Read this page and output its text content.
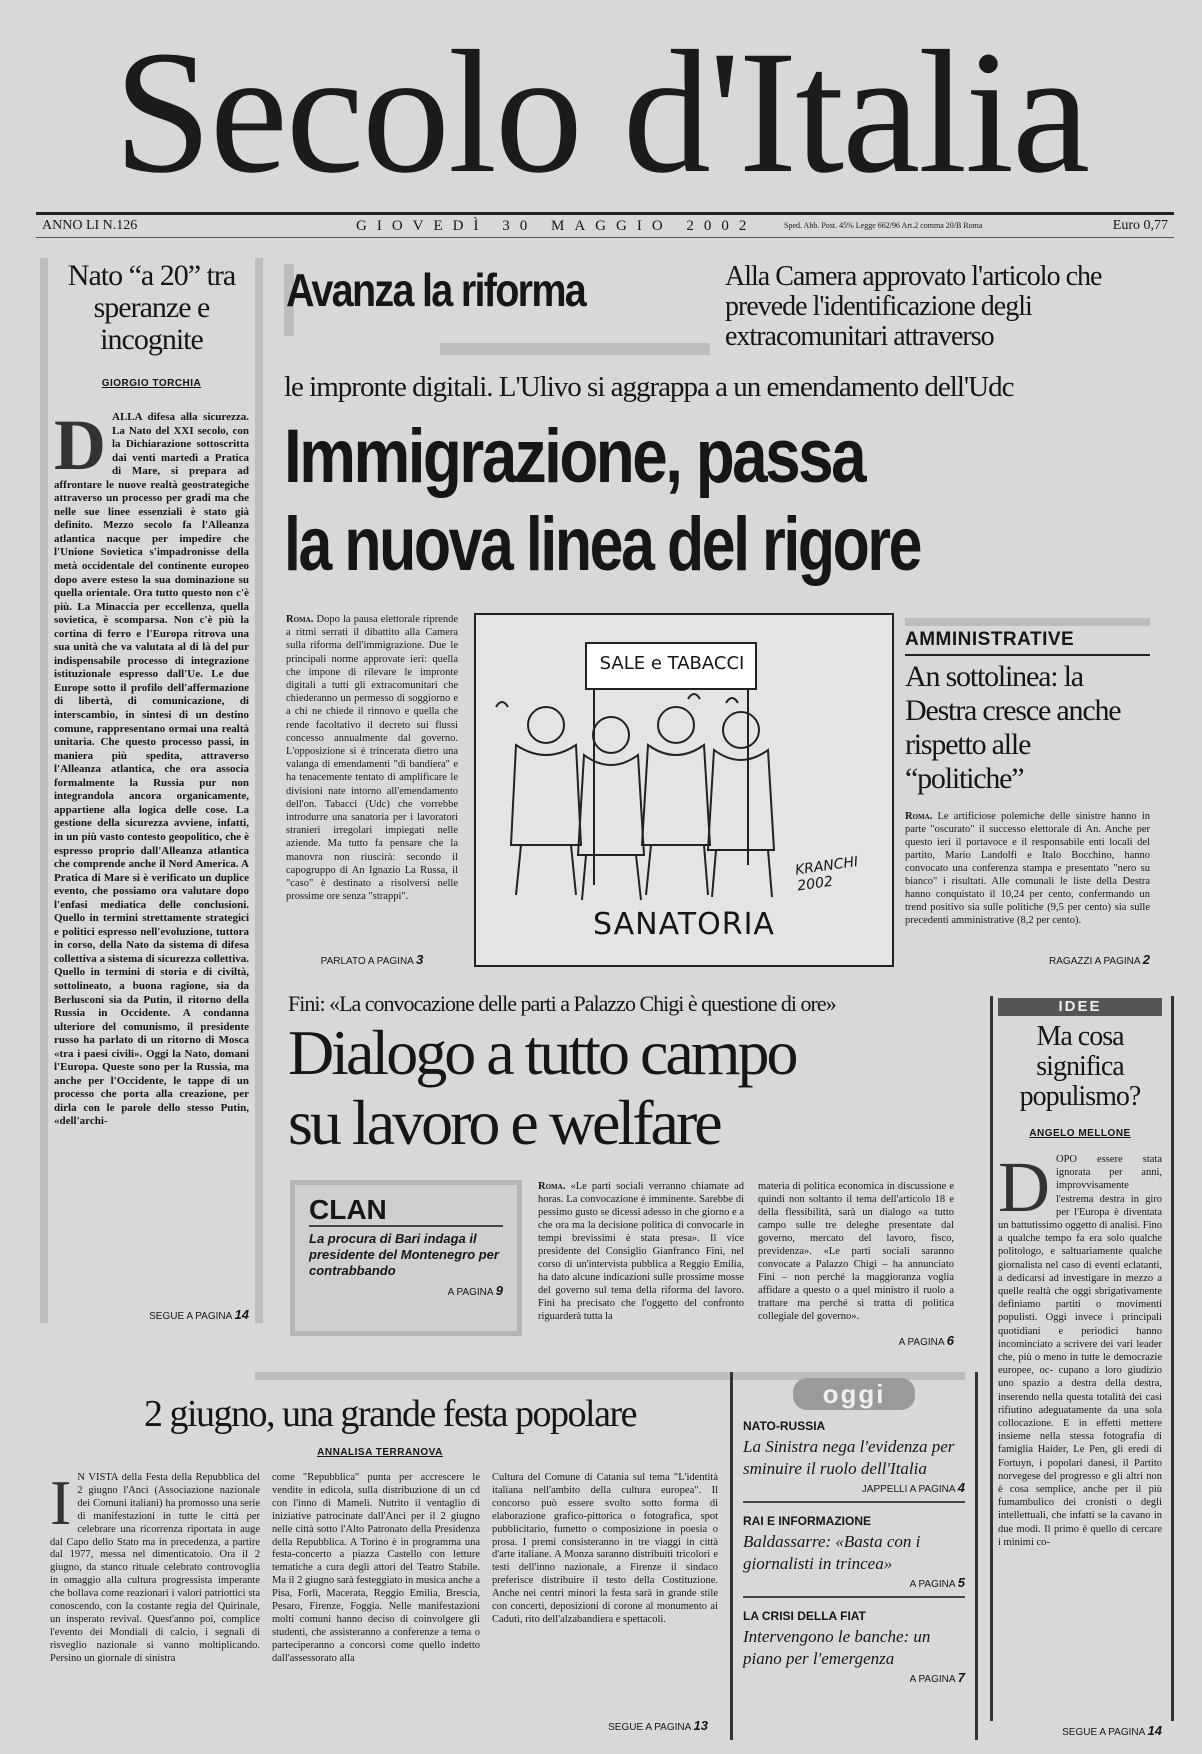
Secolo d'Italia
ANNO LI N.126	GIOVEDÌ 30 MAGGIO 2002	Sped. Abb. Post. 45% Legge 662/96 Art.2 comma 20/B Roma	Euro 0,77
Nato “a 20” tra speranze e incognite
GIORGIO TORCHIA
DALLA difesa alla sicurezza. La Nato del XXI secolo, con la Dichiarazione sottoscritta dai venti martedì a Pratica di Mare, si prepara ad affrontare le nuove realtà geostrategiche attraverso un processo per gradi ma che nelle sue linee essenziali è stato già definito. Mezzo secolo fa l'Alleanza atlantica nacque per impedire che l'Unione Sovietica s'impadronisse della metà occidentale del continente europeo dopo avere esteso la sua dominazione su quella orientale. Ora tutto questo non c'è più. La Minaccia per eccellenza, quella sovietica, è scomparsa. Non c'è più la cortina di ferro e l'Europa ritrova una sua unità che va valutata al di là del pur indispensabile processo di integrazione istituzionale espresso dall'Ue. Le due Europe sotto il profilo dell'affermazione di libertà, di comunicazione, di interscambio, in sintesi di un destino comune, rappresentano ormai una realtà unitaria. Che questo processo passi, in maniera più spedita, attraverso l'Alleanza atlantica, che ora associa formalmente la Russia pur non integrandola ancora organicamente, appartiene alla logica delle cose. La gestione della sicurezza avviene, infatti, in un più vasto contesto geopolitico, che è espresso proprio dall'Alleanza atlantica che comprende anche il Nord America. A Pratica di Mare si è verificato un duplice evento, che possiamo ora valutare dopo l'enfasi mediatica delle conclusioni. Quello in termini strettamente strategici e politici espresso nell'evoluzione, tuttora in corso, della Nato da sistema di difesa collettiva a sistema di sicurezza collettiva. Quello in termini di storia e di civiltà, sottolineato, a buona ragione, sia da Berlusconi sia da Putin, il ritorno della Russia in Occidente. A condanna ulteriore del comunismo, il presidente russo ha parlato di un ritorno di Mosca «tra i paesi civili». Oggi la Nato, domani l'Europa. Queste sono per la Russia, ma anche per l'Occidente, le tappe di un processo che porta alla creazione, per dirla con le parole dello stesso Putin, «dell'archi-
SEGUE A PAGINA 14
Avanza la riforma	Alla Camera approvato l'articolo che prevede l'identificazione degli extracomunitari attraverso
le impronte digitali. L'Ulivo si aggrappa a un emendamento dell'Udc
Immigrazione, passa
la nuova linea del rigore
Roma. Dopo la pausa elettorale riprende a ritmi serrati il dibattito alla Camera sulla riforma dell'immigrazione. Due le principali norme approvate ieri: quella che impone di rilevare le impronte digitali a tutti gli extracomunitari che chiederanno un permesso di soggiorno e a chi ne chiede il rinnovo e quella che rende facoltativo il decreto sui flussi concesso annualmente dal governo. L'opposizione si è trincerata dietro una valanga di emendamenti "di bandiera" e ha tenacemente tentato di amplificare le divisioni nate intorno all'emendamento dell'on. Tabacci (Udc) che vorrebbe introdurre una sanatoria per i lavoratori stranieri irregolari impiegati nelle aziende. Ma tutto fa pensare che la manovra non riuscirà: secondo il capogruppo di An Ignazio La Russa, il "caso" è destinato a risolversi nelle prossime ore senza "strappi".
PARLATO A PAGINA 3
SALE e TABACCI
KRANCHI 2002
SANATORIA
AMMINISTRATIVE
An sottolinea: la Destra cresce anche rispetto alle “politiche”
Roma. Le artificiose polemiche delle sinistre hanno in parte "oscurato" il successo elettorale di An. Anche per questo ieri il portavoce e il responsabile enti locali del partito, Mario Landolfi e Italo Bocchino, hanno convocato una conferenza stampa e presentato "nero su bianco" i risultati. Alle comunali le liste della Destra hanno conquistato il 10,24 per cento, confermando un trend positivo sia sulle politiche (9,5 per cento) sia sulle precedenti amministrative (8,2 per cento).
RAGAZZI A PAGINA 2
Fini: «La convocazione delle parti a Palazzo Chigi è questione di ore»
Dialogo a tutto campo
su lavoro e welfare
CLAN
La procura di Bari indaga il presidente del Montenegro per contrabbando
A PAGINA 9
Roma. «Le parti sociali verranno chiamate ad horas. La convocazione è imminente. Sarebbe di pessimo gusto se dicessi adesso in che giorno e a che ora ma la decisione politica di convocarle in tempi brevissimi è stata presa». Il vice presidente del Consiglio Gianfranco Fini, nel corso di un'intervista pubblica a Reggio Emilia, ha dato alcune indicazioni sulle prossime mosse del governo sul tema della riforma del lavoro. Fini ha precisato che l'oggetto del confronto riguarderà tutta la
materia di politica economica in discussione e quindi non soltanto il tema dell'articolo 18 e della flessibilità, sarà un dialogo «a tutto campo sulle tre deleghe presentate dal governo, mercato del lavoro, fisco, previdenza». «Le parti sociali saranno convocate a Palazzo Chigi – ha annunciato Fini – non perché la maggioranza voglia affidare a questo o a quel ministro il ruolo a trattare ma perché si tratta di politica collegiale del governo».
A PAGINA 6
IDEE
Ma cosa significa populismo?
ANGELO MELLONE
DOPO essere stata ignorata per anni, improvvisamente l'estrema destra in giro per l'Europa è diventata un battutissimo oggetto di analisi. Fino a qualche tempo fa era solo qualche politologo, e saltuariamente qualche giornalista nel caso di eventi eclatanti, a dedicarsi ad investigare in mezzo a quelle realtà che oggi sbrigativamente definiamo partiti o movimenti populisti. Oggi invece i principali quotidiani e periodici hanno incominciato a scrivere dei vari leader che, più o meno in tutte le democrazie europee, oc- cupano a loro giudizio uno spazio a destra della destra, inserendo nella questa totalità dei casi rifiutino adeguatamente da una sola collocazione. E in effetti mettere insieme nella stessa fotografia di famiglia Haider, Le Pen, gli eredi di Fortuyn, i popolari danesi, il Partito norvegese del progresso e gli altri non è cosa semplice, anche per il più fumambulico dei cronisti o degli intellettuali, che infatti se la cavano in due modi. Il primo è quello di cercare i minimi co-
SEGUE A PAGINA 14
2 giugno, una grande festa popolare
ANNALISA TERRANOVA
I N VISTA della Festa della Repubblica del 2 giugno l'Anci (Associazione nazionale dei Comuni italiani) ha promosso una serie di manifestazioni in tutte le città per celebrare una ricorrenza riportata in auge dal Capo dello Stato ma in precedenza, a partire dal 1977, messa nel dimenticatoio. Ora il 2 giugno, da stanco rituale celebrato controvoglia in omaggio alla cultura progressista imperante che bollava come reazionari i valori patriottici sta conoscendo, con la costante regia del Quirinale, un insperato revival. Quest'anno poi, complice l'evento dei Mondiali di calcio, i segnali di risveglio nazionale si vanno moltiplicando. Persino un giornale di sinistra
come "Repubblica" punta per accrescere le vendite in edicola, sulla distribuzione di un cd con l'inno di Mameli. Nutrito il ventaglio di iniziative patrocinate dall'Anci per il 2 giugno nelle città sotto l'Alto Patronato della Presidenza della Repubblica. A Torino è in programma una festa-concerto a piazza Castello con letture tematiche a cura degli attori del Teatro Stabile. Ma il 2 giugno sarà festeggiato in musica anche a Pisa, Forlì, Macerata, Reggio Emilia, Brescia, Pesaro, Firenze, Foggia. Nelle manifestazioni molti comuni hanno deciso di coinvolgere gli studenti, che assisteranno a conferenze a tema o parteciperanno a concorsi come quello indetto dall'assessorato alla
Cultura del Comune di Catania sul tema "L'identità italiana nell'ambito della cultura europea". Il concorso può essere svolto sotto forma di elaborazione grafico-pittorica o fotografica, spot pubblicitario, fumetto o composizione in poesia o prosa. I premi consisteranno in tre viaggi in città d'arte italiane. A Monza saranno distribuiti tricolori e testi dell'inno nazionale, a Firenze il sindaco preferisce distribuire il testo della Costituzione. Anche nei centri minori la festa sarà in grande stile con concerti, deposizioni di corone al monumento ai Caduti, rito dell'alzabandiera e spettacoli.
SEGUE A PAGINA 13
oggi
NATO-RUSSIA
La Sinistra nega l'evidenza per sminuire il ruolo dell'Italia
JAPPELLI A PAGINA 4
RAI E INFORMAZIONE
Baldassarre: «Basta con i giornalisti in trincea»
A PAGINA 5
LA CRISI DELLA FIAT
Intervengono le banche: un piano per l'emergenza
A PAGINA 7
